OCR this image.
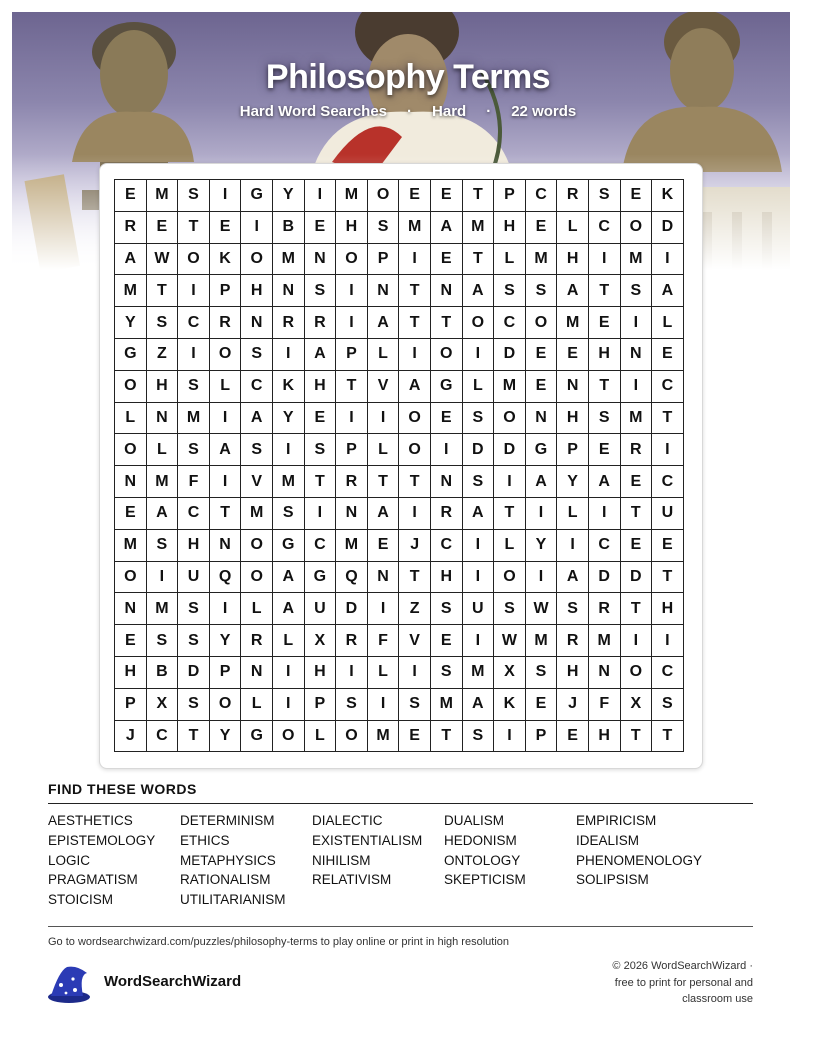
Philosophy Terms
Hard Word Searches · Hard · 22 words
E	M	S	I	G	Y	I	M	O	E	E	T	P	C	R	S	E	K
R	E	T	E	I	B	E	H	S	M	A	M	H	E	L	C	O	D
A	W	O	K	O	M	N	O	P	I	E	T	L	M	H	I	M	I
M	T	I	P	H	N	S	I	N	T	N	A	S	S	A	T	S	A
Y	S	C	R	N	R	R	I	A	T	T	O	C	O	M	E	I	L
G	Z	I	O	S	I	A	P	L	I	O	I	D	E	E	H	N	E
O	H	S	L	C	K	H	T	V	A	G	L	M	E	N	T	I	C
L	N	M	I	A	Y	E	I	I	O	E	S	O	N	H	S	M	T
O	L	S	A	S	I	S	P	L	O	I	D	D	G	P	E	R	I
N	M	F	I	V	M	T	R	T	T	N	S	I	A	Y	A	E	C
E	A	C	T	M	S	I	N	A	I	R	A	T	I	L	I	T	U
M	S	H	N	O	G	C	M	E	J	C	I	L	Y	I	C	E	E
O	I	U	Q	O	A	G	Q	N	T	H	I	O	I	A	D	D	T
N	M	S	I	L	A	U	D	I	Z	S	U	S	W	S	R	T	H
E	S	S	Y	R	L	X	R	F	V	E	I	W	M	R	M	I	I
H	B	D	P	N	I	H	I	L	I	S	M	X	S	H	N	O	C
P	X	S	O	L	I	P	S	I	S	M	A	K	E	J	F	X	S
J	C	T	Y	G	O	L	O	M	E	T	S	I	P	E	H	T	T
FIND THESE WORDS
AESTHETICS	DETERMINISM	DIALECTIC	DUALISM	EMPIRICISM
EPISTEMOLOGY ETHICS	EXISTENTIALISM HEDONISM	IDEALISM
LOGIC	METAPHYSICS	NIHILISM	ONTOLOGY	PHENOMENOLOGY
PRAGMATISM	RATIONALISM	RELATIVISM	SKEPTICISM	SOLIPSISM
STOICISM	UTILITARIANISM
Go to wordsearchwizard.com/puzzles/philosophy-terms to play online or print in high resolution
WordSearchWizard
© 2026 WordSearchWizard ·
free to print for personal and
classroom use
